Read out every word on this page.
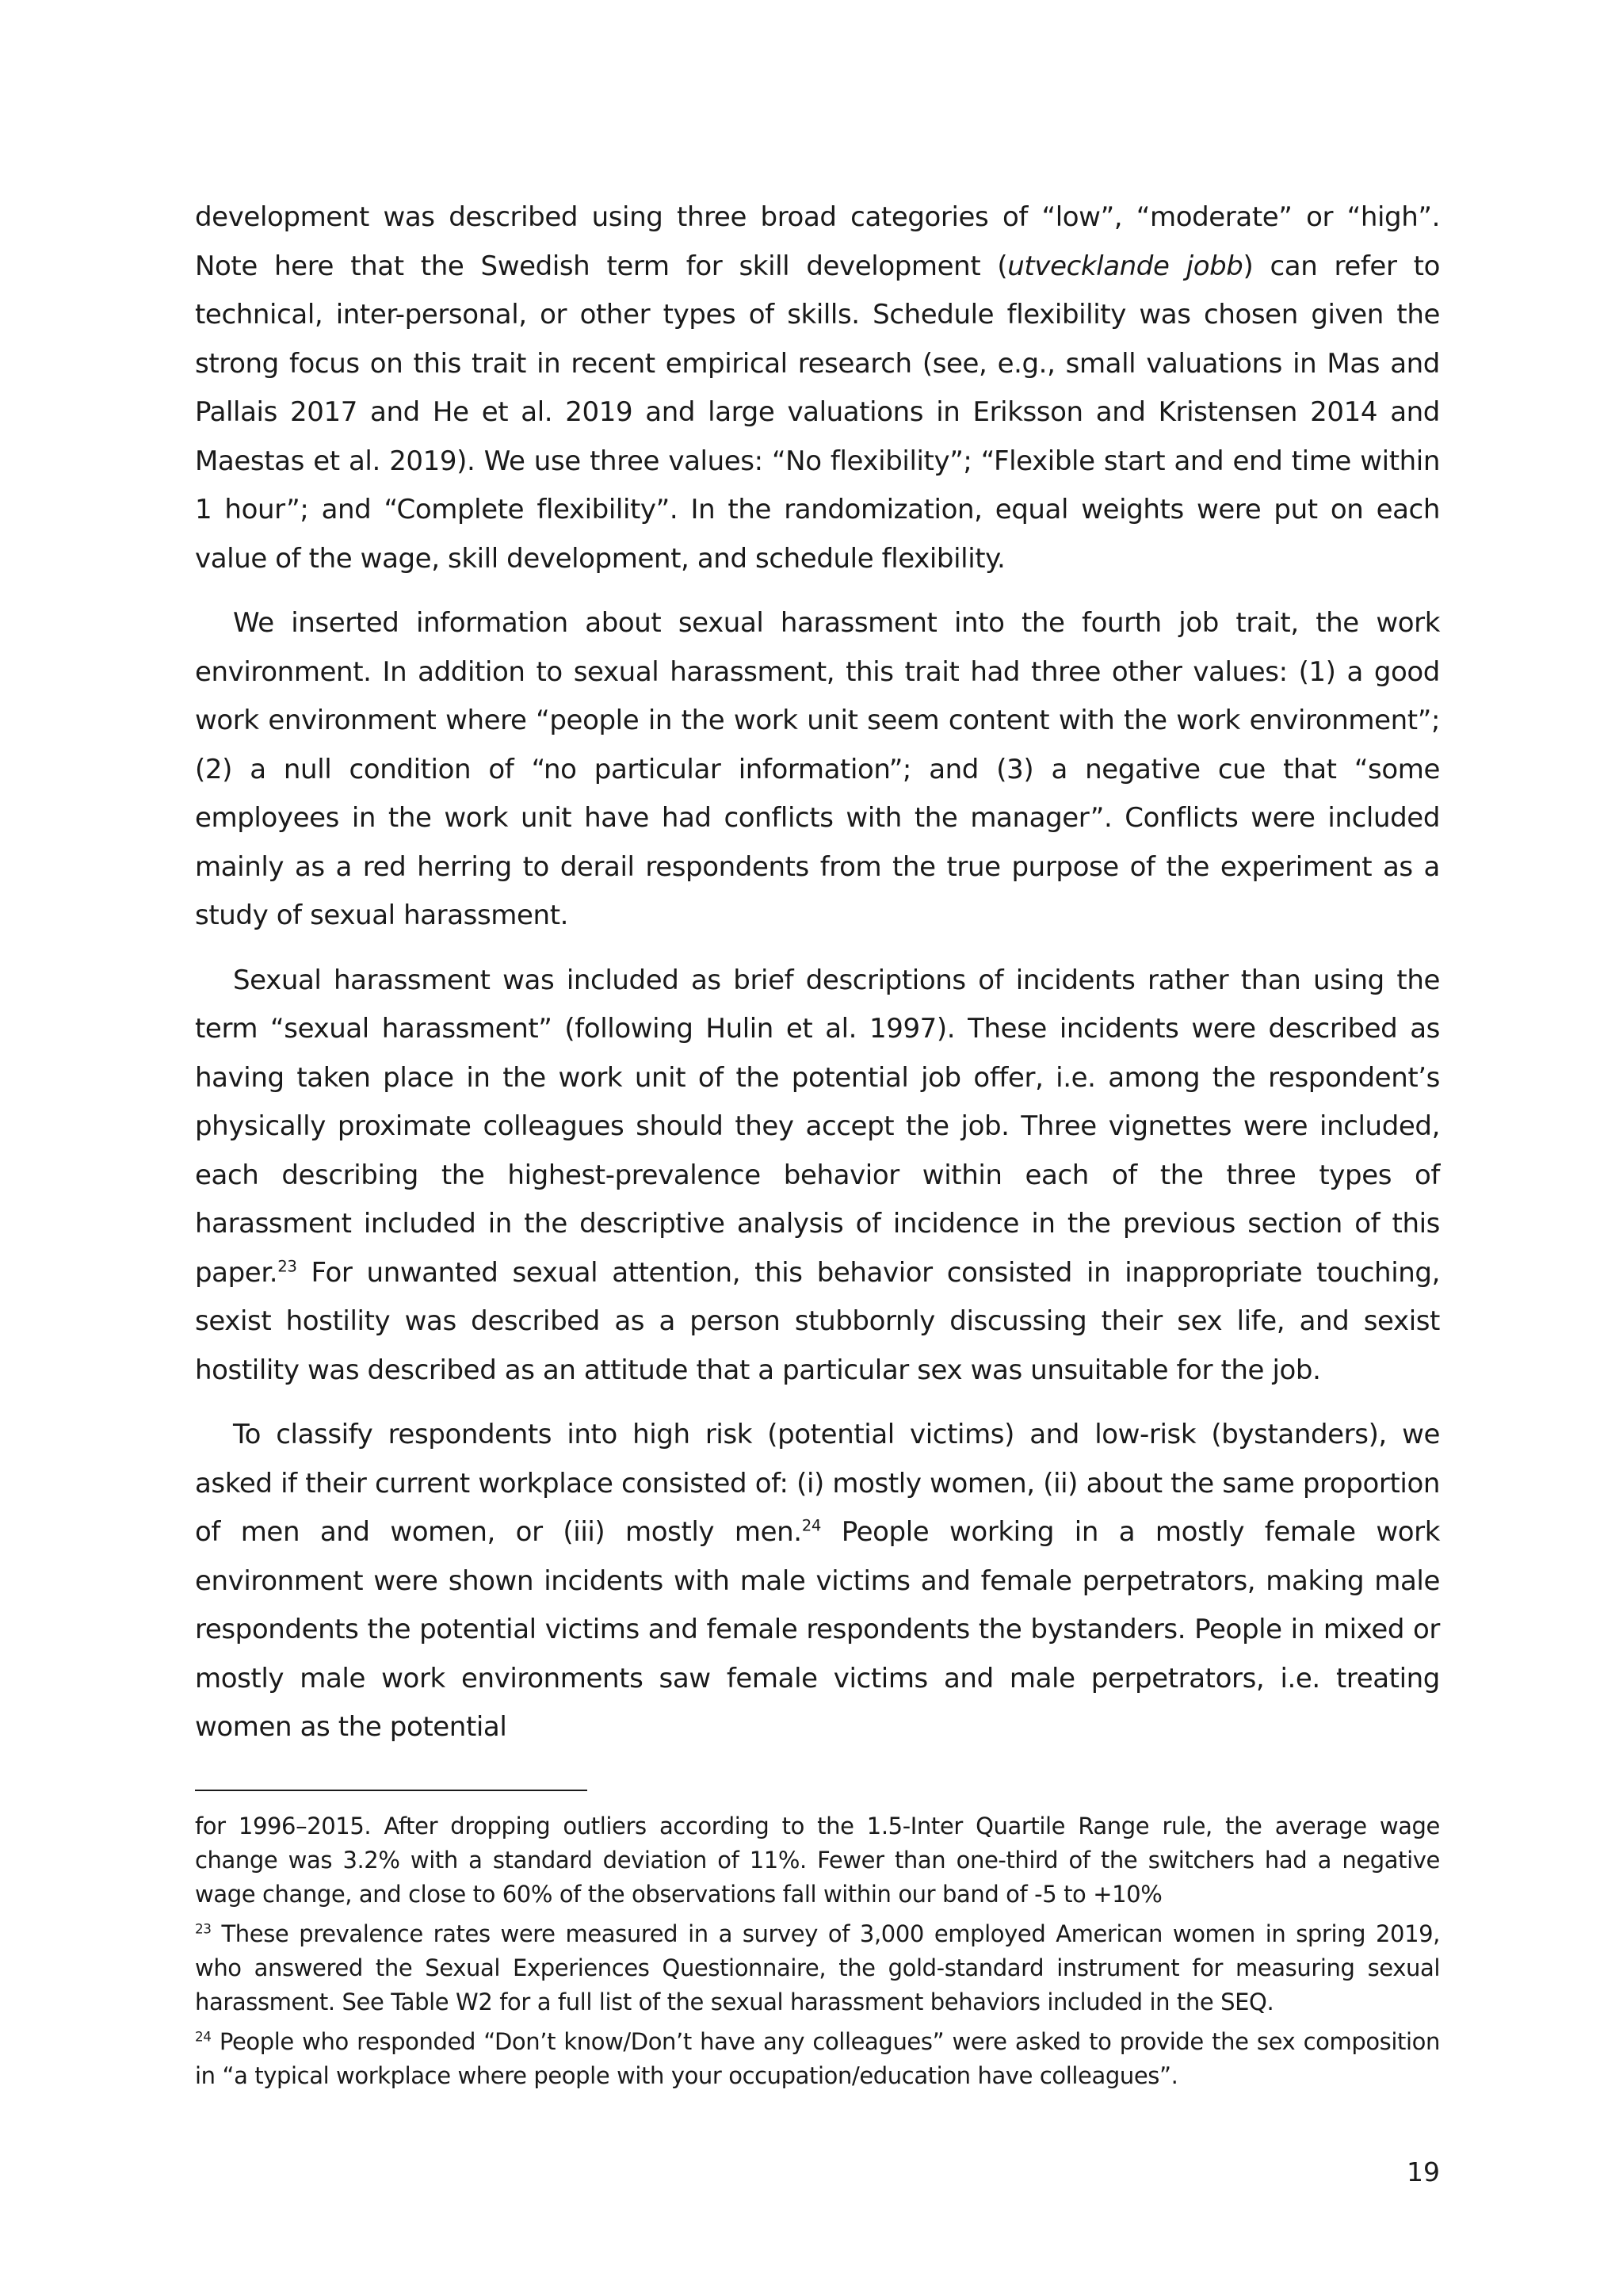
development was described using three broad categories of “low”, “moderate” or “high”. Note here that the Swedish term for skill development (utvecklande jobb) can refer to technical, inter-personal, or other types of skills. Schedule flexibility was chosen given the strong focus on this trait in recent empirical research (see, e.g., small valuations in Mas and Pallais 2017 and He et al. 2019 and large valuations in Eriksson and Kristensen 2014 and Maestas et al. 2019). We use three values: “No flexibility”; “Flexible start and end time within 1 hour”; and “Complete flexibility”. In the randomization, equal weights were put on each value of the wage, skill development, and schedule flexibility.

We inserted information about sexual harassment into the fourth job trait, the work environment. In addition to sexual harassment, this trait had three other values: (1) a good work environment where “people in the work unit seem content with the work environment”; (2) a null condition of “no particular information”; and (3) a negative cue that “some employees in the work unit have had conflicts with the manager”. Conflicts were included mainly as a red herring to derail respondents from the true purpose of the experiment as a study of sexual harassment.

Sexual harassment was included as brief descriptions of incidents rather than using the term “sexual harassment” (following Hulin et al. 1997). These incidents were described as having taken place in the work unit of the potential job offer, i.e. among the respondent’s physically proximate colleagues should they accept the job. Three vignettes were included, each describing the highest-prevalence behavior within each of the three types of harassment included in the descriptive analysis of incidence in the previous section of this paper.$^{23}$ For unwanted sexual attention, this behavior consisted in inappropriate touching, sexist hostility was described as a person stubbornly discussing their sex life, and sexist hostility was described as an attitude that a particular sex was unsuitable for the job.

To classify respondents into high risk (potential victims) and low-risk (bystanders), we asked if their current workplace consisted of: (i) mostly women, (ii) about the same proportion of men and women, or (iii) mostly men.$^{24}$ People working in a mostly female work environment were shown incidents with male victims and female perpetrators, making male respondents the potential victims and female respondents the bystanders. People in mixed or mostly male work environments saw female victims and male perpetrators, i.e. treating women as the potential

for 1996–2015. After dropping outliers according to the 1.5-Inter Quartile Range rule, the average wage change was 3.2% with a standard deviation of 11%. Fewer than one-third of the switchers had a negative wage change, and close to 60% of the observations fall within our band of -5 to +10%

$^{23}$ These prevalence rates were measured in a survey of 3,000 employed American women in spring 2019, who answered the Sexual Experiences Questionnaire, the gold-standard instrument for measuring sexual harassment. See Table W2 for a full list of the sexual harassment behaviors included in the SEQ.

$^{24}$ People who responded “Don’t know/Don’t have any colleagues” were asked to provide the sex composition in “a typical workplace where people with your occupation/education have colleagues”.

19
